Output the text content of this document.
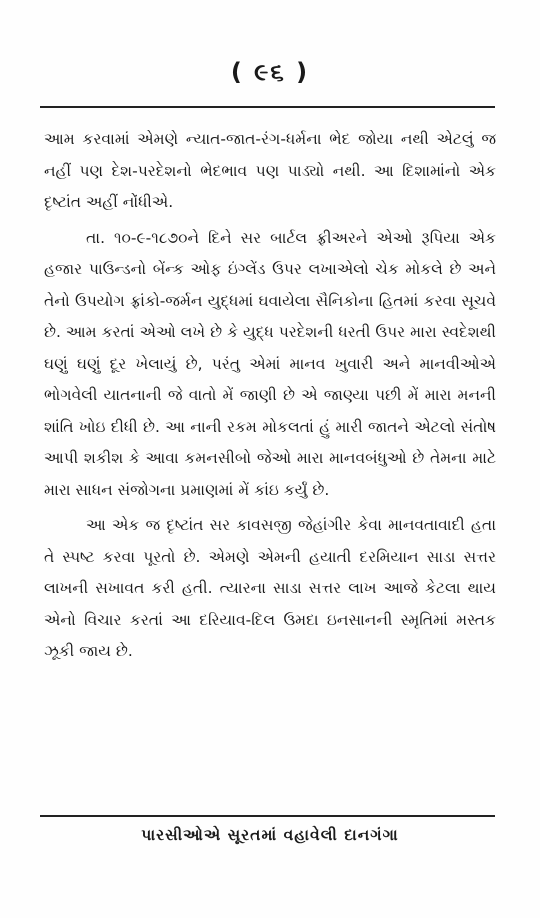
( ૯૬ )

આમ કરવામાં એમણે ન્યાત-જાત-રંગ-ધર્મના ભેદ જોયા નથી એટલું જ નહીં પણ દેશ-પરદેશનો ભેદભાવ પણ પાડ્યો નથી. આ દિશામાંનો એક દૃષ્ટાંત અહીં નોંધીએ.

તા. ૧૦-૯-૧૮૭૦ને દિને સર બાર્ટલ ફ્રીઅરને એઓ રૂપિયા એક હજાર પાઉન્ડનો બેંન્ક ઓફ ઇંગ્લેંડ ઉપર લખાએલો ચેક મોકલે છે અને તેનો ઉપયોગ ફ્રાંકો-જર્મન યુદ્ધમાં ઘવાયેલા સૈનિકોના હિતમાં કરવા સૂચવે છે. આમ કરતાં એઓ લખે છે કે યુદ્ધ પરદેશની ધરતી ઉપર મારા સ્વદેશથી ઘણું ઘણું દૂર ખેલાયું છે, પરંતુ એમાં માનવ ખુવારી અને માનવીઓએ ભોગવેલી યાતનાની જે વાતો મેં જાણી છે એ જાણ્યા પછી મેં મારા મનની શાંતિ ખોઇ દીધી છે. આ નાની રકમ મોકલતાં હું મારી જાતને એટલો સંતોષ આપી શકીશ કે આવા કમનસીબો જેઓ મારા માનવબંધુઓ છે તેમના માટે મારા સાધન સંજોગના પ્રમાણમાં મેં કાંઇ કર્યું છે.

આ એક જ દૃષ્ટાંત સર કાવસજી જેહાંગીર કેવા માનવતાવાદી હતા તે સ્પષ્ટ કરવા પૂરતો છે. એમણે એમની હયાતી દરમિયાન સાડા સત્તર લાખની સખાવત કરી હતી. ત્યારના સાડા સત્તર લાખ આજે કેટલા થાય એનો વિચાર કરતાં આ દરિયાવ-દિલ ઉમદા ઇનસાનની સ્મૃતિમાં મસ્તક ઝૂકી જાય છે.

પારસીઓએ સૂરતમાં વહાવેલી દાનગંગા
